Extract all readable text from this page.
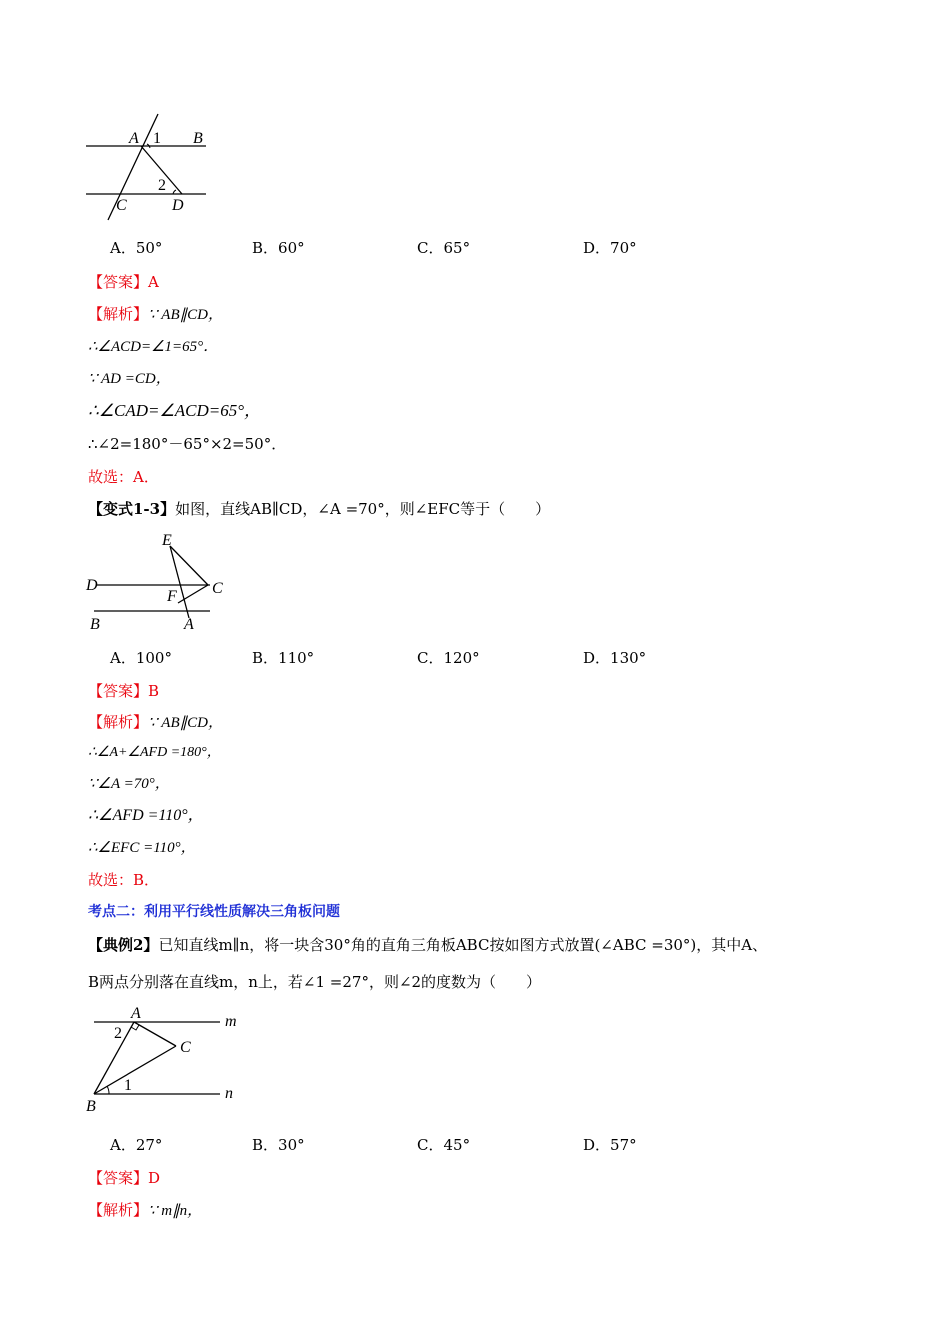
A 1 B
2
C	D
A．50°	B．60°	C．65°	D．70°
【答案】A
【解析】∵ AB∥CD，
∴∠ACD=∠1=65°．
∵ AD =CD，
∴∠CAD=∠ACD=65°，
∴∠2=180°－65°×2=50°．
故选：A．
【变式1-3】如图，直线AB∥CD，∠A =70°，则∠EFC等于（　　）
E
D	C
F
B	A
A．100°	B．110°	C．120°	D．130°
【答案】B
【解析】∵ AB∥CD，
∴∠A+∠AFD =180°，
∵∠A =70°，
∴∠AFD =110°，
∴∠EFC =110°，
故选：B．
考点二：利用平行线性质解决三角板问题
【典例2】已知直线m∥n，将一块含30°角的直角三角板ABC按如图方式放置(∠ABC =30°)，其中A、
B两点分别落在直线m，n上，若∠1 =27°，则∠2的度数为（　　）
A	m
2
C
1	n
B
A．27°	B．30°	C．45°	D．57°
【答案】D
【解析】∵ m∥n，
